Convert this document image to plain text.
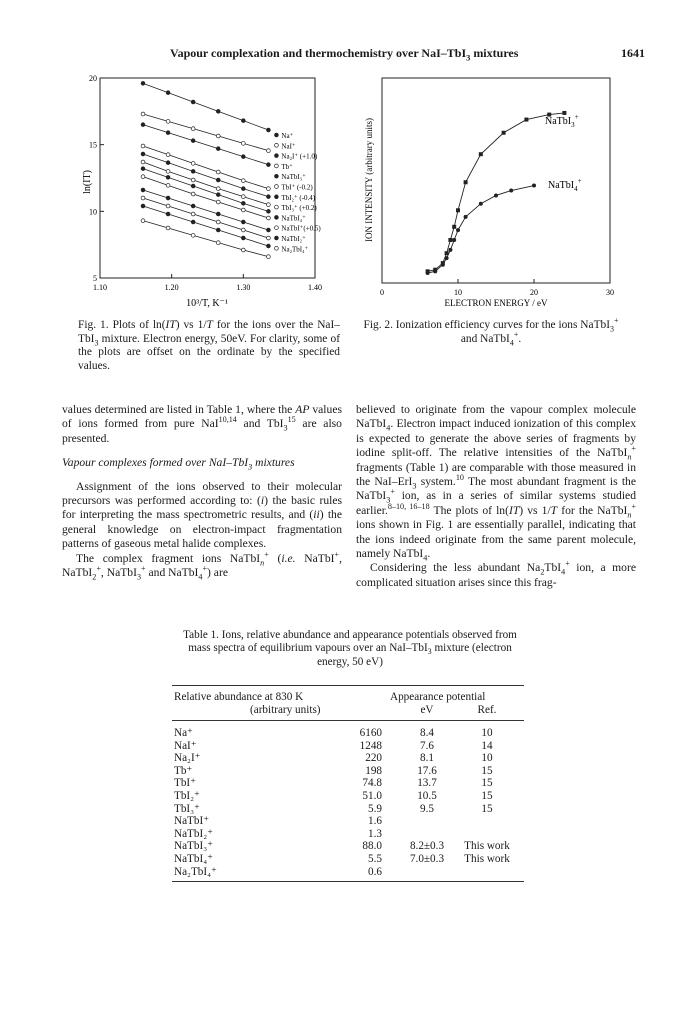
Vapour complexation and thermochemistry over NaI–TbI$_3$ mixtures	1641
1.10	1.20	1.30	1.40
5
10
15
20
Na⁺
NaI⁺
Na₂I⁺ (+1.0)
Tb⁺
NaTbI₃⁺
TbI⁺ (-0.2)
TbI₂⁺ (-0.4)
TbI₃⁺ (+0.2)
NaTbI₄⁺
NaTbI⁺(+0.5)
NaTbI₂⁺
Na₂TbI₄⁺
ln(IT)
10³/T, K⁻¹
Fig. 1. Plots of ln(IT) vs 1/T for the ions over the NaI–TbI$_3$ mixture. Electron energy, 50eV. For clarity, some of the plots are offset on the ordinate by the specified values.
0	10	20	30
NaTbI$_3$+
NaTbI$_4$+
ION INTENSITY (arbitrary units)
ELECTRON ENERGY / eV
Fig. 2. Ionization efficiency curves for the ions NaTbI$_3$+ and NaTbI$_4$+.

values determined are listed in Table 1, where the AP values of ions formed from pure NaI$^{10,14}$ and TbI$_3^{15}$ are also presented.

Vapour complexes formed over NaI–TbI$_3$ mixtures

Assignment of the ions observed to their molecular precursors was performed according to: (i) the basic rules for interpreting the mass spectrometric results, and (ii) the general knowledge on electron-impact fragmentation patterns of gaseous metal halide complexes.

The complex fragment ions NaTbI$_n$+ (i.e. NaTbI+, NaTbI$_2$+, NaTbI$_3$+ and NaTbI$_4$+) are

believed to originate from the vapour complex molecule NaTbI$_4$. Electron impact induced ionization of this complex is expected to generate the above series of fragments by iodine split-off. The relative intensities of the NaTbI$_n$+ fragments (Table 1) are comparable with those measured in the NaI–ErI$_3$ system.$^{10}$ The most abundant fragment is the NaTbI$_3$+ ion, as in a series of similar systems studied earlier.$^{8-10, 16-18}$ The plots of ln(IT) vs 1/T for the NaTbI$_n$+ ions shown in Fig. 1 are essentially parallel, indicating that the ions indeed originate from the same parent molecule, namely NaTbI$_4$.

Considering the less abundant $Na_2TbI_4^+$ ion, a more complicated situation arises since this frag-

Table 1. Ions, relative abundance and appearance potentials observed from mass spectra of equilibrium vapours over an NaI–TbI$_3$ mixture (electron energy, 50 eV)
Relative abundance at 830 K	Appearance potential
(arbitrary units)	eV	Ref.
Na⁺	6160	8.4	10
NaI⁺	1248	7.6	14
Na₂I⁺	220	8.1	10
Tb⁺	198	17.6	15
TbI⁺	74.8	13.7	15
TbI₂⁺	51.0	10.5	15
TbI₃⁺	5.9	9.5	15
NaTbI⁺	1.6
NaTbI₂⁺	1.3
NaTbI₃⁺	88.0	8.2±0.3	This work
NaTbI₄⁺	5.5	7.0±0.3	This work
Na₂TbI₄⁺	0.6
